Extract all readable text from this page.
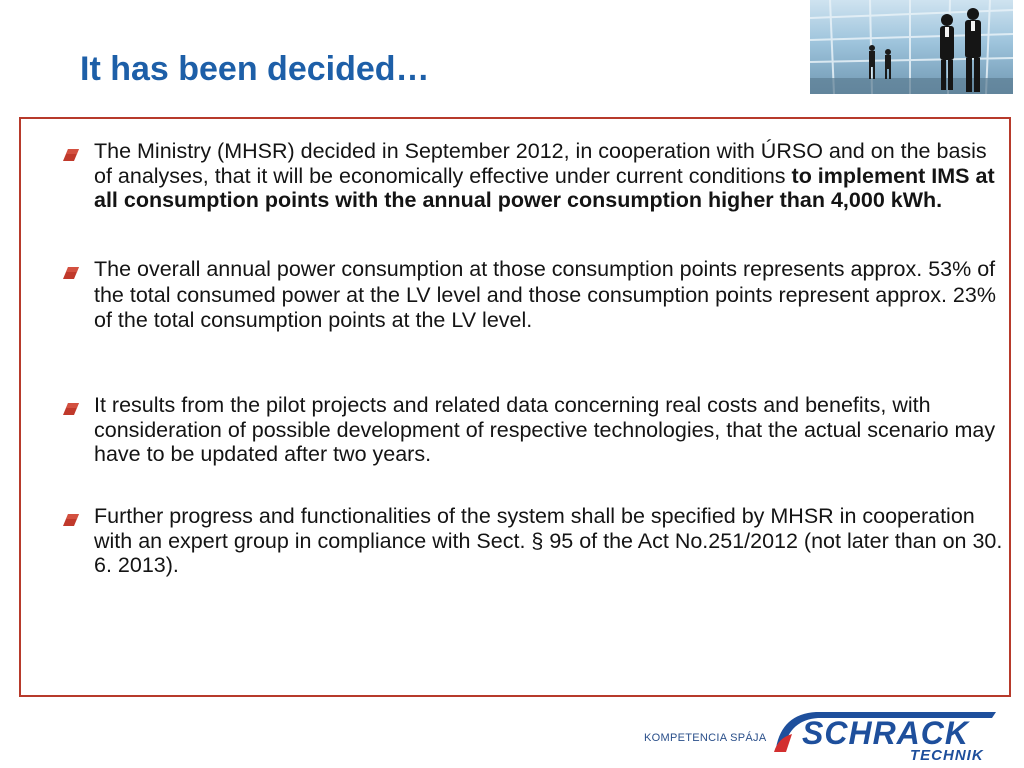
It has been decided…
The Ministry (MHSR) decided in September 2012, in cooperation with ÚRSO and on the basis of analyses, that it will be economically effective under current conditions to implement IMS at all consumption points with the annual power consumption higher than 4,000 kWh.
The overall annual power consumption at those consumption points represents approx. 53% of the total consumed power at the LV level and those consumption points represent approx. 23% of the total consumption points at the LV level.
It results from the pilot projects and related data concerning real costs and benefits, with consideration of possible development of respective technologies, that the actual scenario may have to be updated after two years.
Further progress and functionalities of the system shall be specified by MHSR in cooperation with an expert group in compliance with Sect. § 95 of the Act No.251/2012 (not later than on 30. 6. 2013).
KOMPETENCIA SPÁJA SCHRACK
TECHNIK
